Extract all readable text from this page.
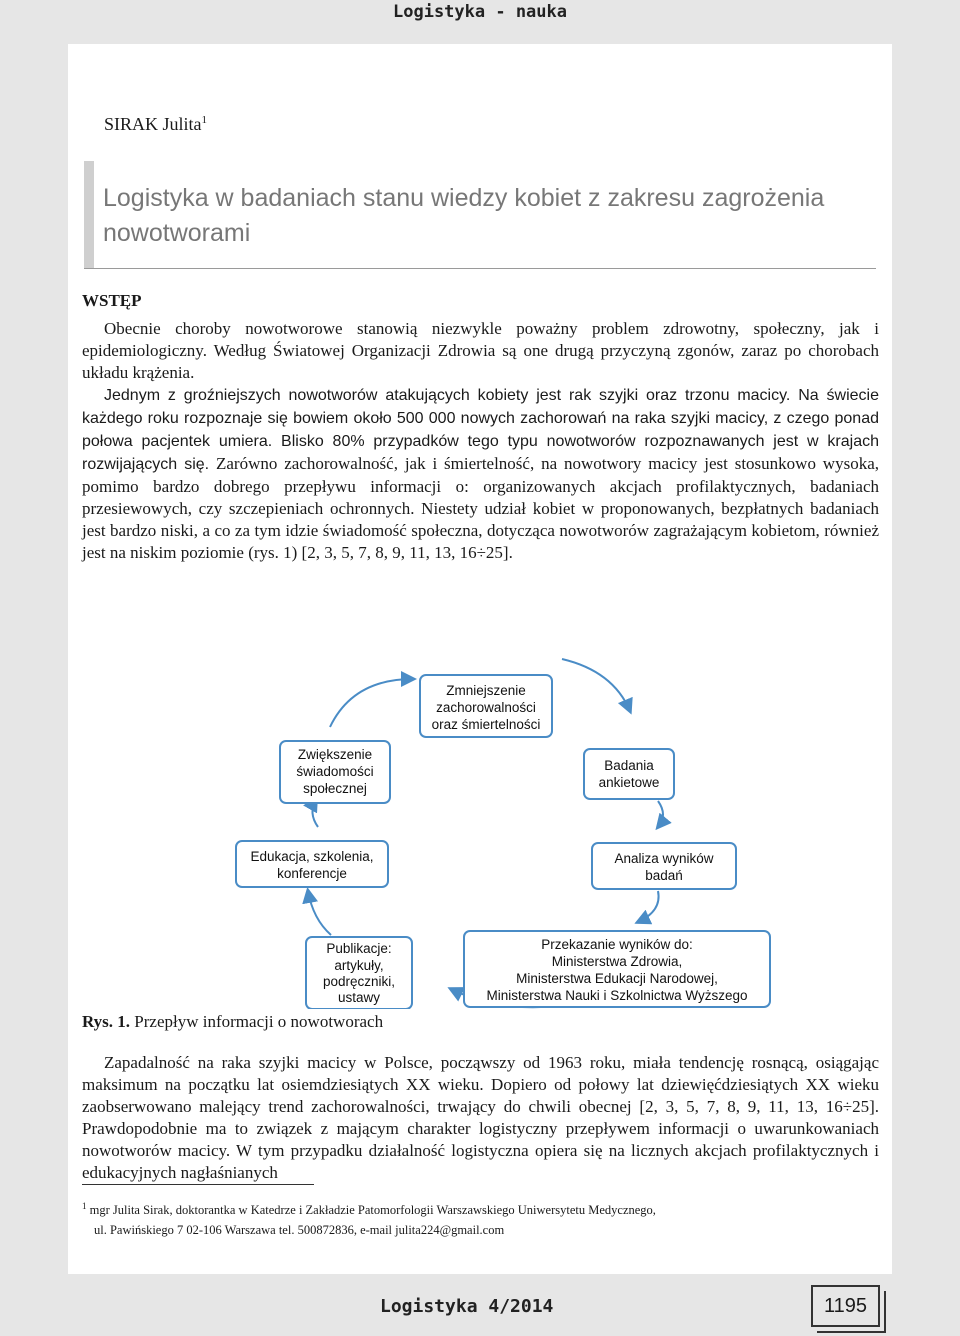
Logistyka - nauka
SIRAK Julita$^1$
Logistyka w badaniach stanu wiedzy kobiet z zakresu zagrożenia nowotworami
WSTĘP

Obecnie choroby nowotworowe stanowią niezwykle poważny problem zdrowotny, społeczny, jak i epidemiologiczny. Według Światowej Organizacji Zdrowia są one drugą przyczyną zgonów, zaraz po chorobach układu krążenia.

Jednym z groźniejszych nowotworów atakujących kobiety jest rak szyjki oraz trzonu macicy. Na świecie każdego roku rozpoznaje się bowiem około 500 000 nowych zachorowań na raka szyjki macicy, z czego ponad połowa pacjentek umiera. Blisko 80% przypadków tego typu nowotworów rozpoznawanych jest w krajach rozwijających się. Zarówno zachorowalność, jak i śmiertelność, na nowotwory macicy jest stosunkowo wysoka, pomimo bardzo dobrego przepływu informacji o: organizowanych akcjach profilaktycznych, badaniach przesiewowych, czy szczepieniach ochronnych. Niestety udział kobiet w proponowanych, bezpłatnych badaniach jest bardzo niski, a co za tym idzie świadomość społeczna, dotycząca nowotworów zagrażającym kobietom, również jest na niskim poziomie (rys. 1) [2, 3, 5, 7, 8, 9, 11, 13, 16÷25].

Zmniejszenie
zachorowalności
oraz śmiertelności
Zwiększenie
świadomości
społecznej
Badania
ankietowe
Edukacja, szkolenia,
konferencje
Analiza wyników
badań
Publikacje:
artykuły,
podręczniki,
ustawy
Przekazanie wyników do:
Ministerstwa Zdrowia,
Ministerstwa Edukacji Narodowej,
Ministerstwa Nauki i Szkolnictwa Wyższego
Rys. 1. Przepływ informacji o nowotworach

Zapadalność na raka szyjki macicy w Polsce, począwszy od 1963 roku, miała tendencję rosnącą, osiągając maksimum na początku lat osiemdziesiątych XX wieku. Dopiero od połowy lat dziewięćdziesiątych XX wieku zaobserwowano malejący trend zachorowalności, trwający do chwili obecnej [2, 3, 5, 7, 8, 9, 11, 13, 16÷25]. Prawdopodobnie ma to związek z mającym charakter logistyczny przepływem informacji o uwarunkowaniach nowotworów macicy. W tym przypadku działalność logistyczna opiera się na licznych akcjach profilaktycznych i edukacyjnych nagłaśnianych

$^1$ mgr Julita Sirak, doktorantka w Katedrze i Zakładzie Patomorfologii Warszawskiego Uniwersytetu Medycznego,
ul. Pawińskiego 7 02-106 Warszawa tel. 500872836, e-mail julita224@gmail.com
Logistyka 4/2014	1195
